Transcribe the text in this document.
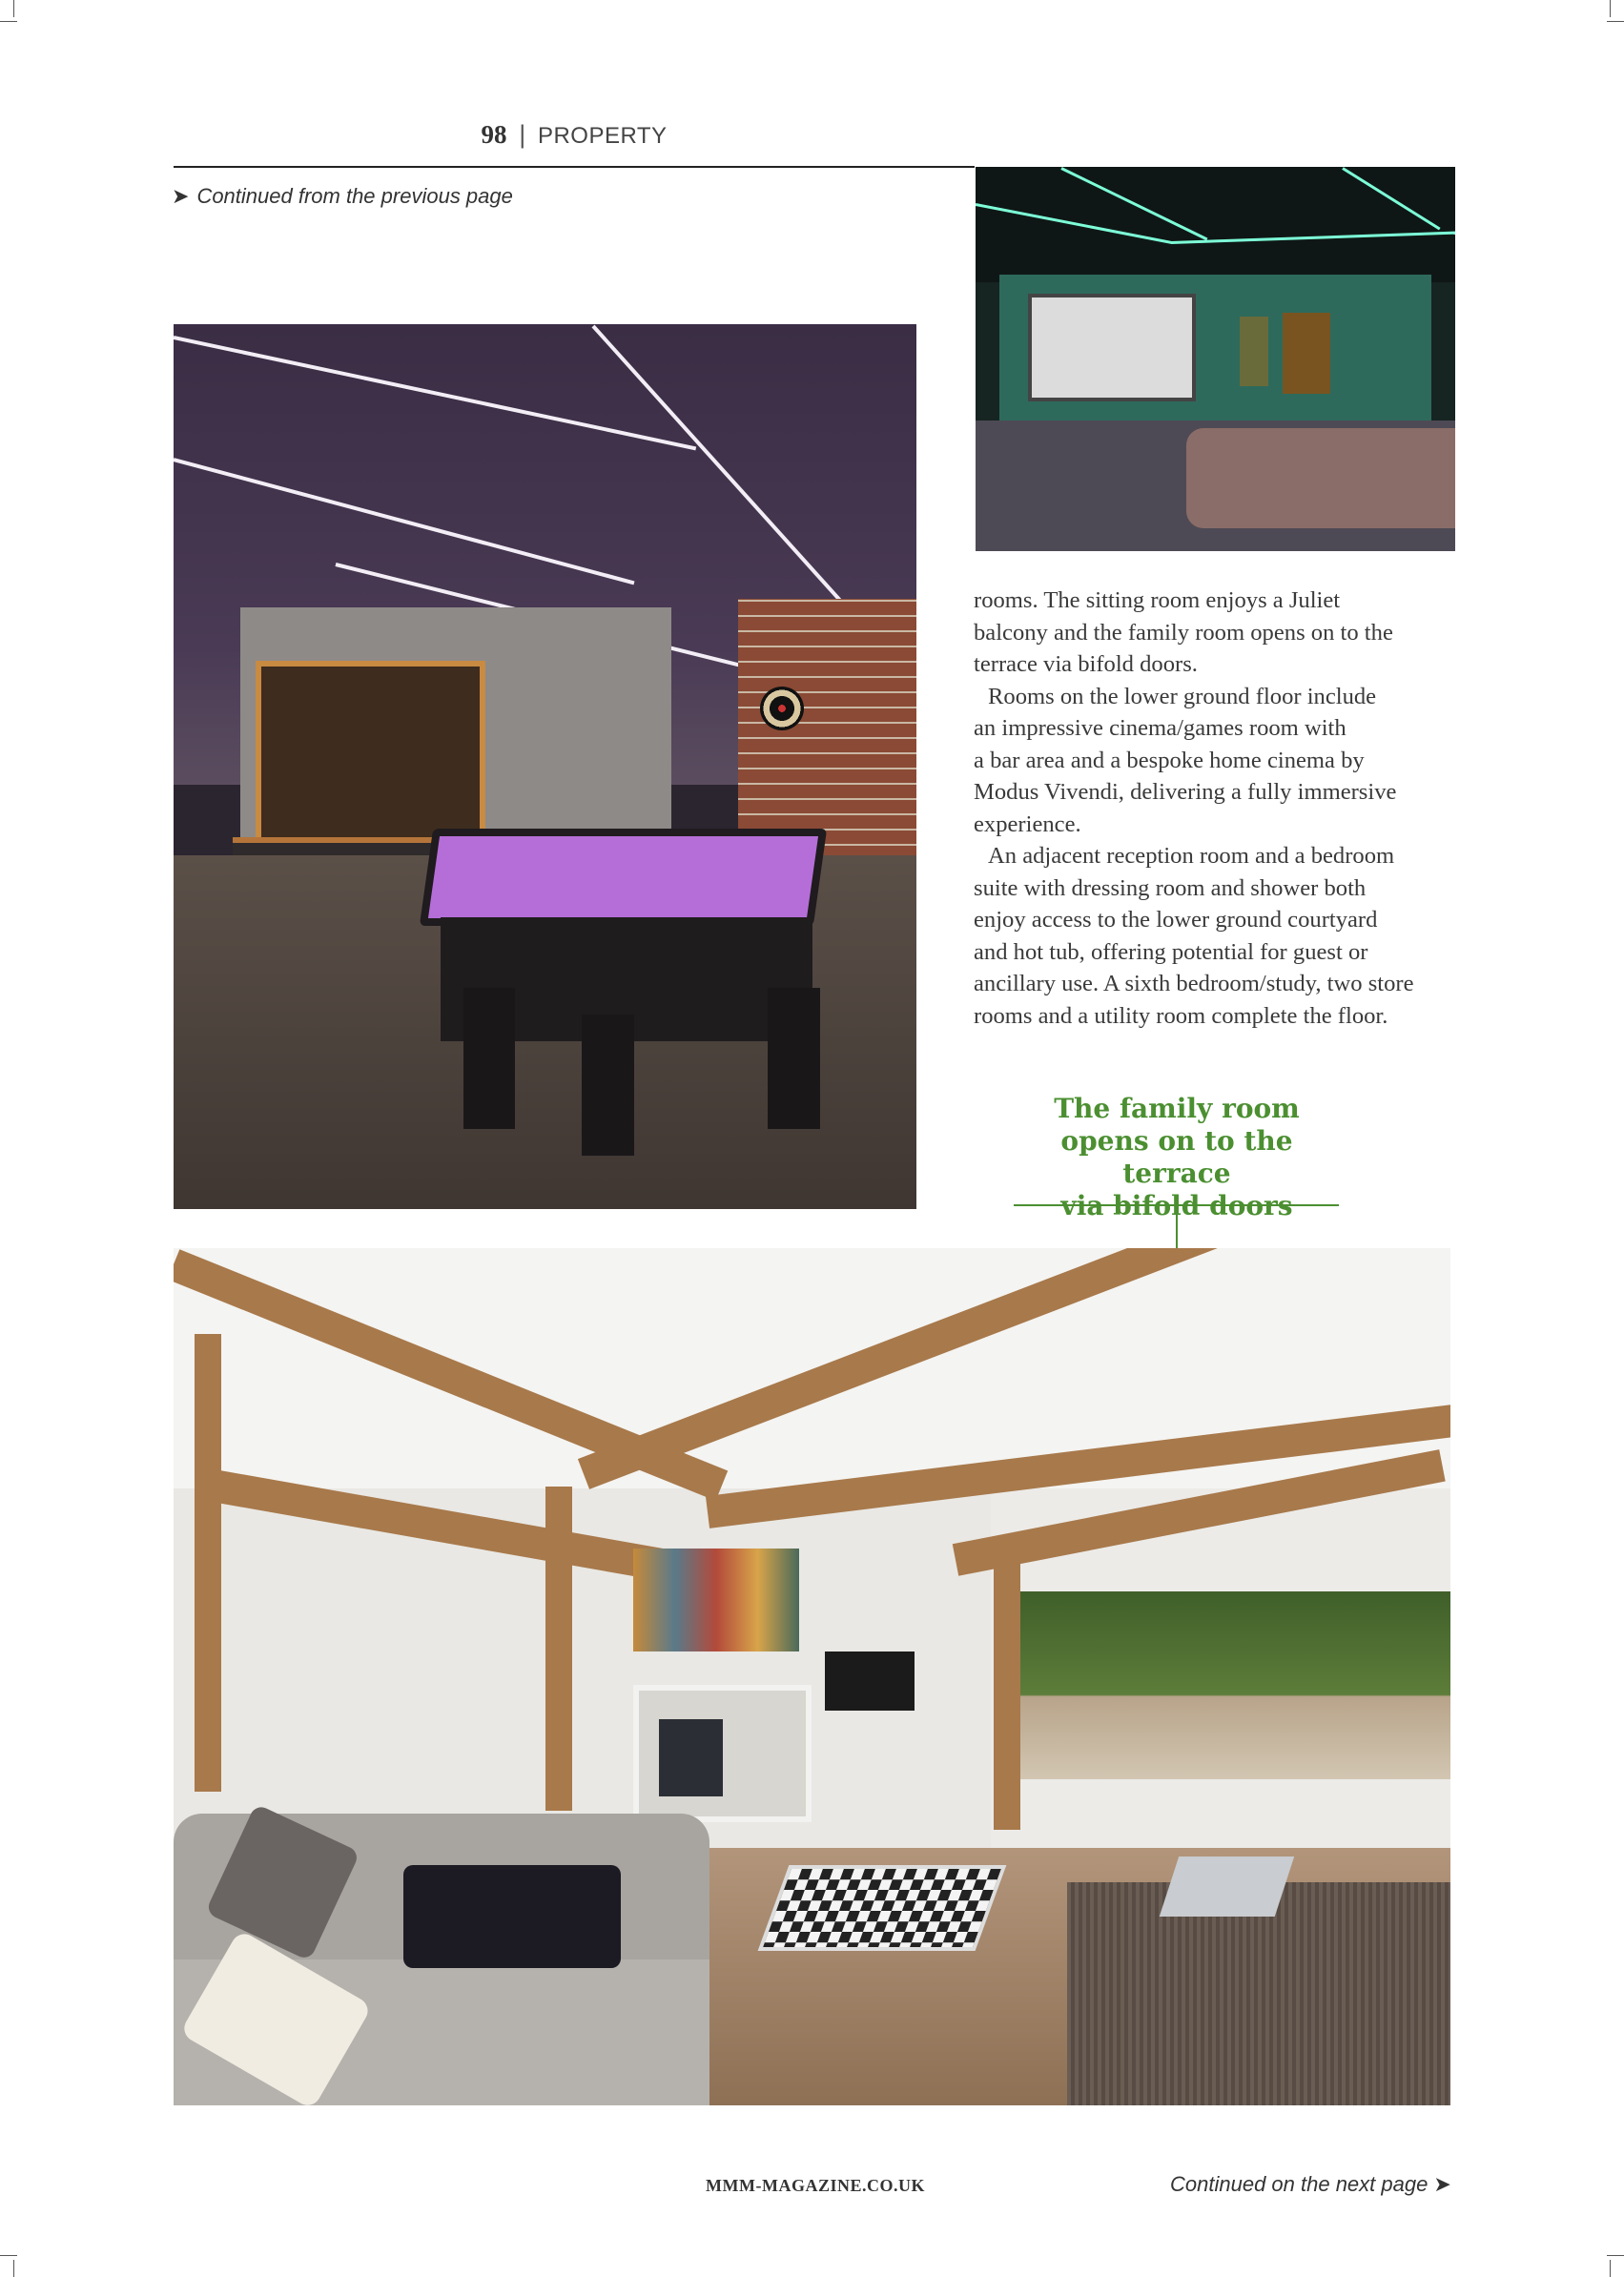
98 | PROPERTY
➤ Continued from the previous page
rooms. The sitting room enjoys a Juliet
balcony and the family room opens on to the
terrace via bifold doors.
Rooms on the lower ground floor include
an impressive cinema/games room with
a bar area and a bespoke home cinema by
Modus Vivendi, delivering a fully immersive
experience.
An adjacent reception room and a bedroom
suite with dressing room and shower both
enjoy access to the lower ground courtyard
and hot tub, offering potential for guest or
ancillary use. A sixth bedroom/study, two store
rooms and a utility room complete the floor.
The family room
opens on to the terrace
via bifold doors
MMM-MAGAZINE.CO.UK	Continued on the next page ➤
